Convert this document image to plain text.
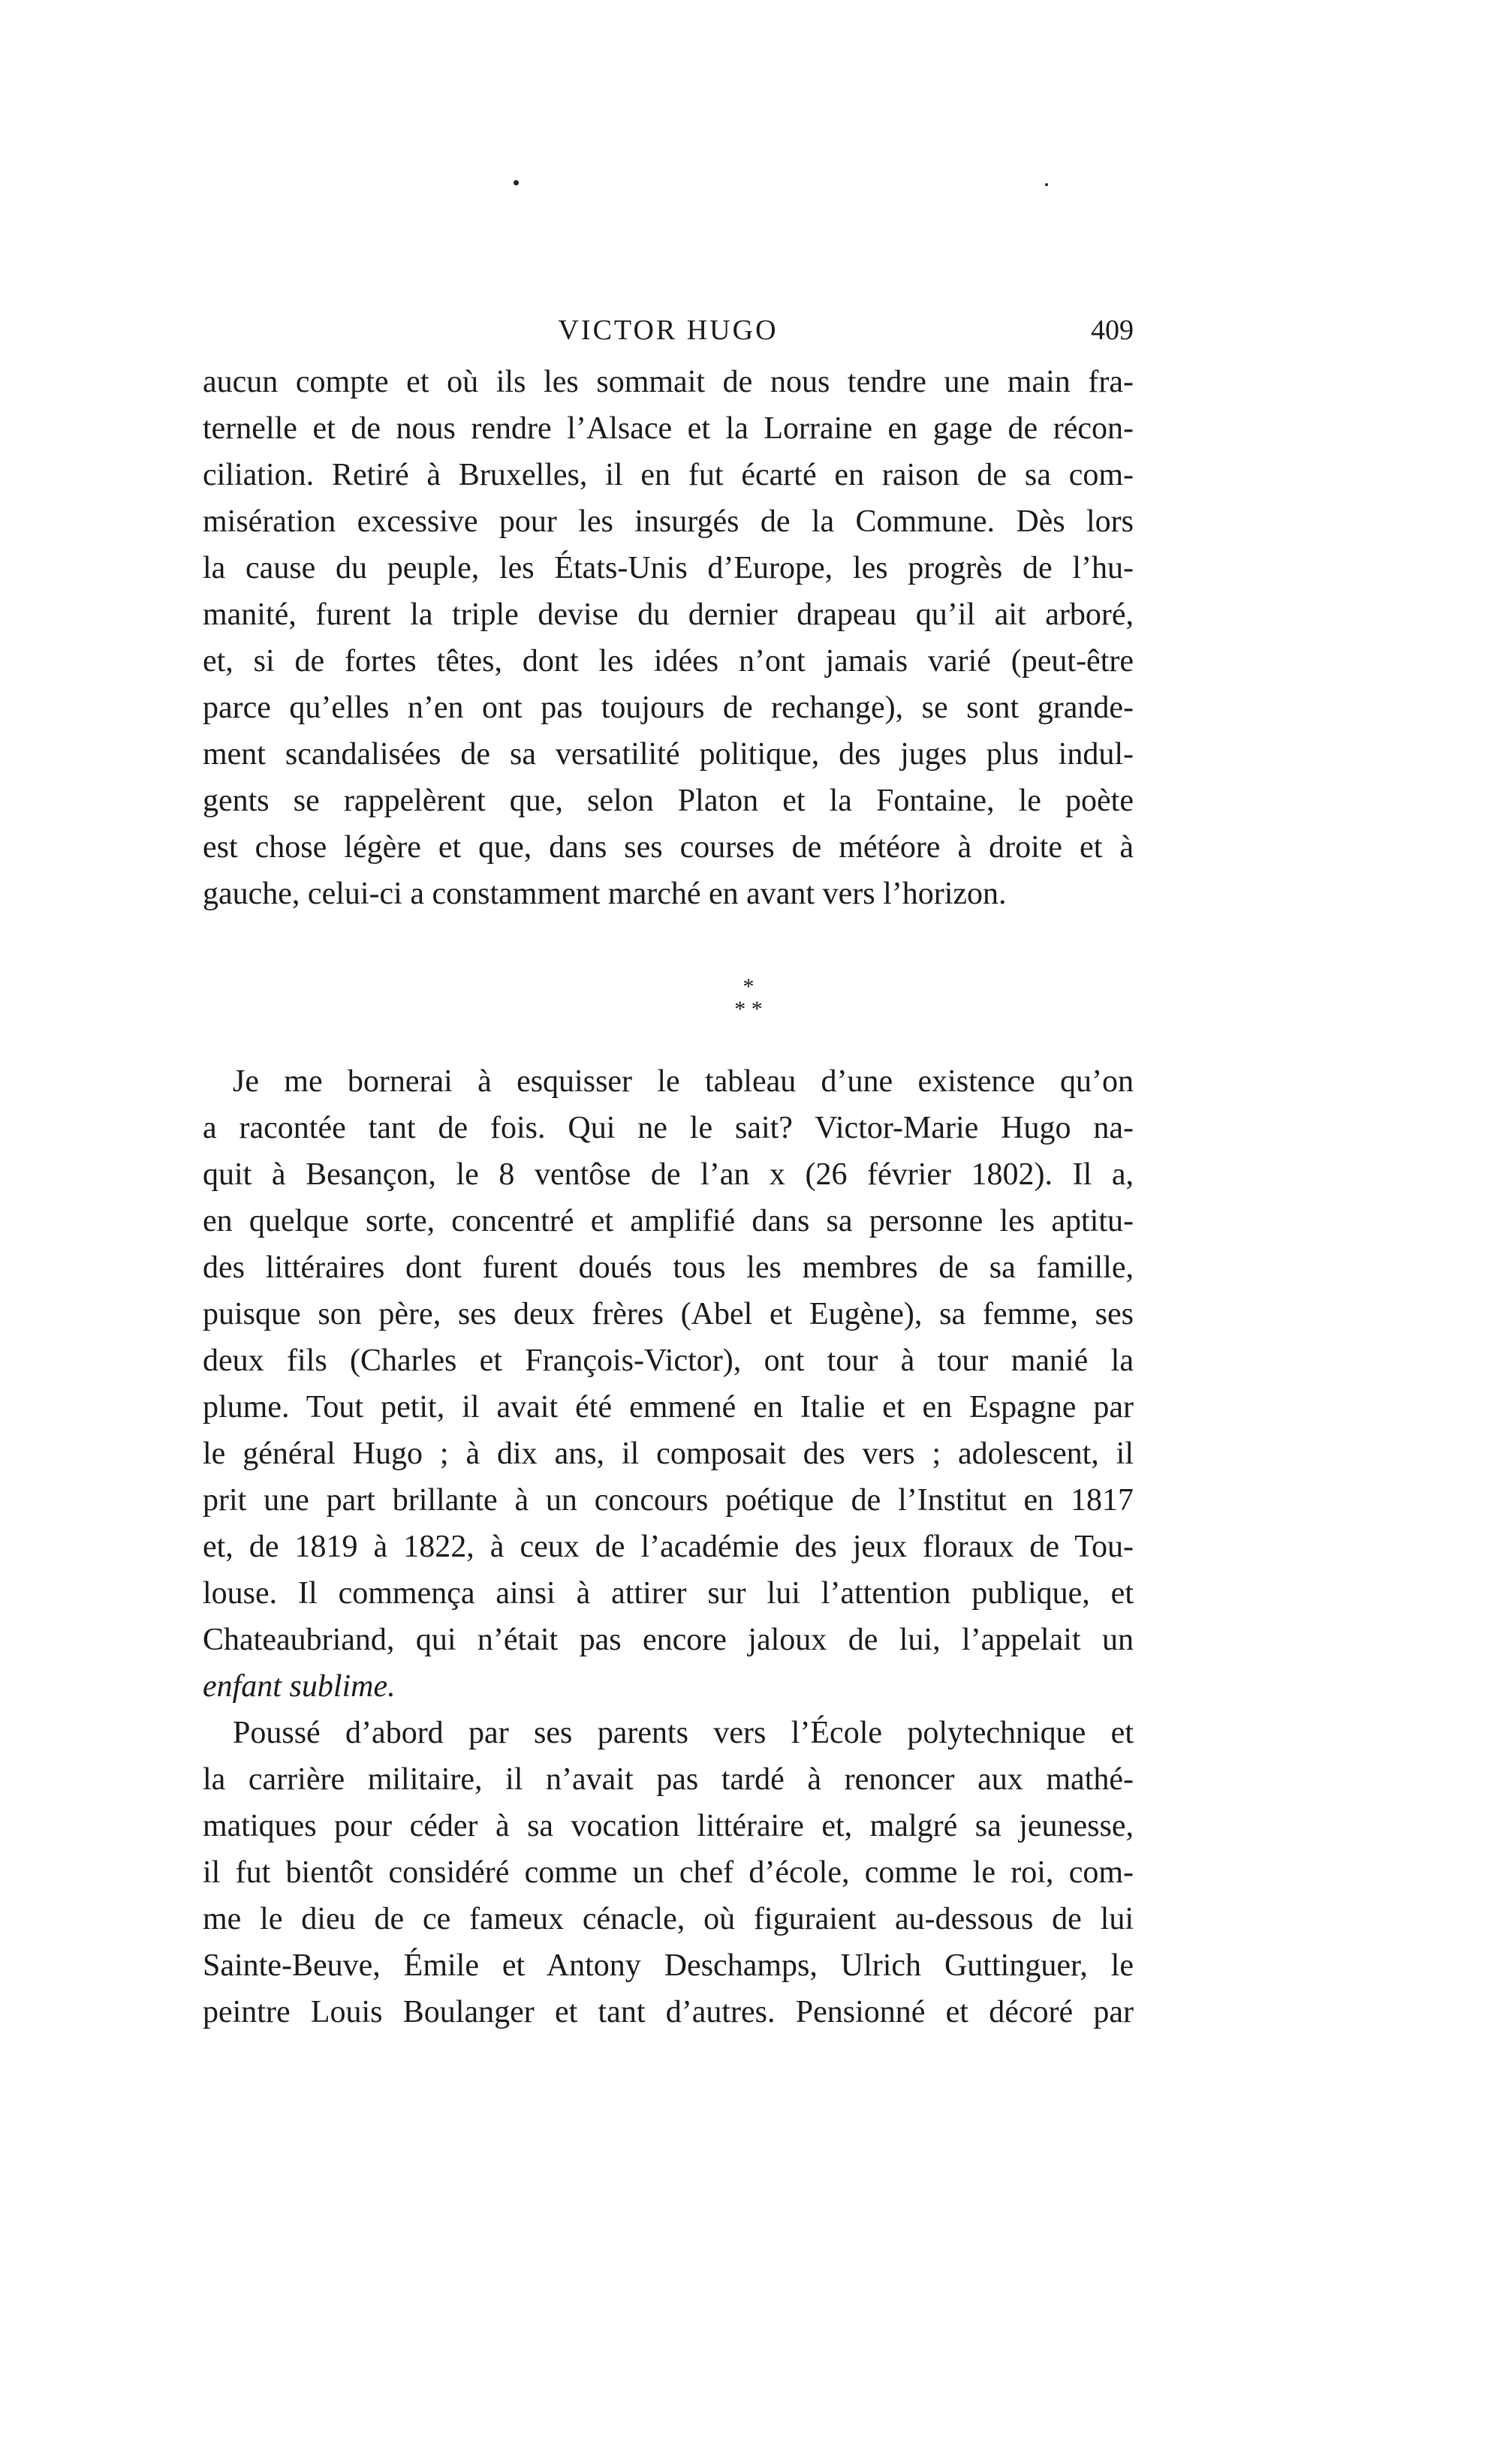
VICTOR HUGO	409
aucun compte et où ils les sommait de nous tendre une main fra-
ternelle et de nous rendre l’Alsace et la Lorraine en gage de récon-
ciliation. Retiré à Bruxelles, il en fut écarté en raison de sa com-
misération excessive pour les insurgés de la Commune. Dès lors
la cause du peuple, les États-Unis d’Europe, les progrès de l’hu-
manité, furent la triple devise du dernier drapeau qu’il ait arboré,
et, si de fortes têtes, dont les idées n’ont jamais varié (peut-être
parce qu’elles n’en ont pas toujours de rechange), se sont grande-
ment scandalisées de sa versatilité politique, des juges plus indul-
gents se rappelèrent que, selon Platon et la Fontaine, le poète
est chose légère et que, dans ses courses de météore à droite et à
gauche, celui-ci a constamment marché en avant vers l’horizon.
*
* *
Je me bornerai à esquisser le tableau d’une existence qu’on
a racontée tant de fois. Qui ne le sait? Victor-Marie Hugo na-
quit à Besançon, le 8 ventôse de l’an x (26 février 1802). Il a,
en quelque sorte, concentré et amplifié dans sa personne les aptitu-
des littéraires dont furent doués tous les membres de sa famille,
puisque son père, ses deux frères (Abel et Eugène), sa femme, ses
deux fils (Charles et François-Victor), ont tour à tour manié la
plume. Tout petit, il avait été emmené en Italie et en Espagne par
le général Hugo ; à dix ans, il composait des vers ; adolescent, il
prit une part brillante à un concours poétique de l’Institut en 1817
et, de 1819 à 1822, à ceux de l’académie des jeux floraux de Tou-
louse. Il commença ainsi à attirer sur lui l’attention publique, et
Chateaubriand, qui n’était pas encore jaloux de lui, l’appelait un
enfant sublime.
Poussé d’abord par ses parents vers l’École polytechnique et
la carrière militaire, il n’avait pas tardé à renoncer aux mathé-
matiques pour céder à sa vocation littéraire et, malgré sa jeunesse,
il fut bientôt considéré comme un chef d’école, comme le roi, com-
me le dieu de ce fameux cénacle, où figuraient au-dessous de lui
Sainte-Beuve, Émile et Antony Deschamps, Ulrich Guttinguer, le
peintre Louis Boulanger et tant d’autres. Pensionné et décoré par
